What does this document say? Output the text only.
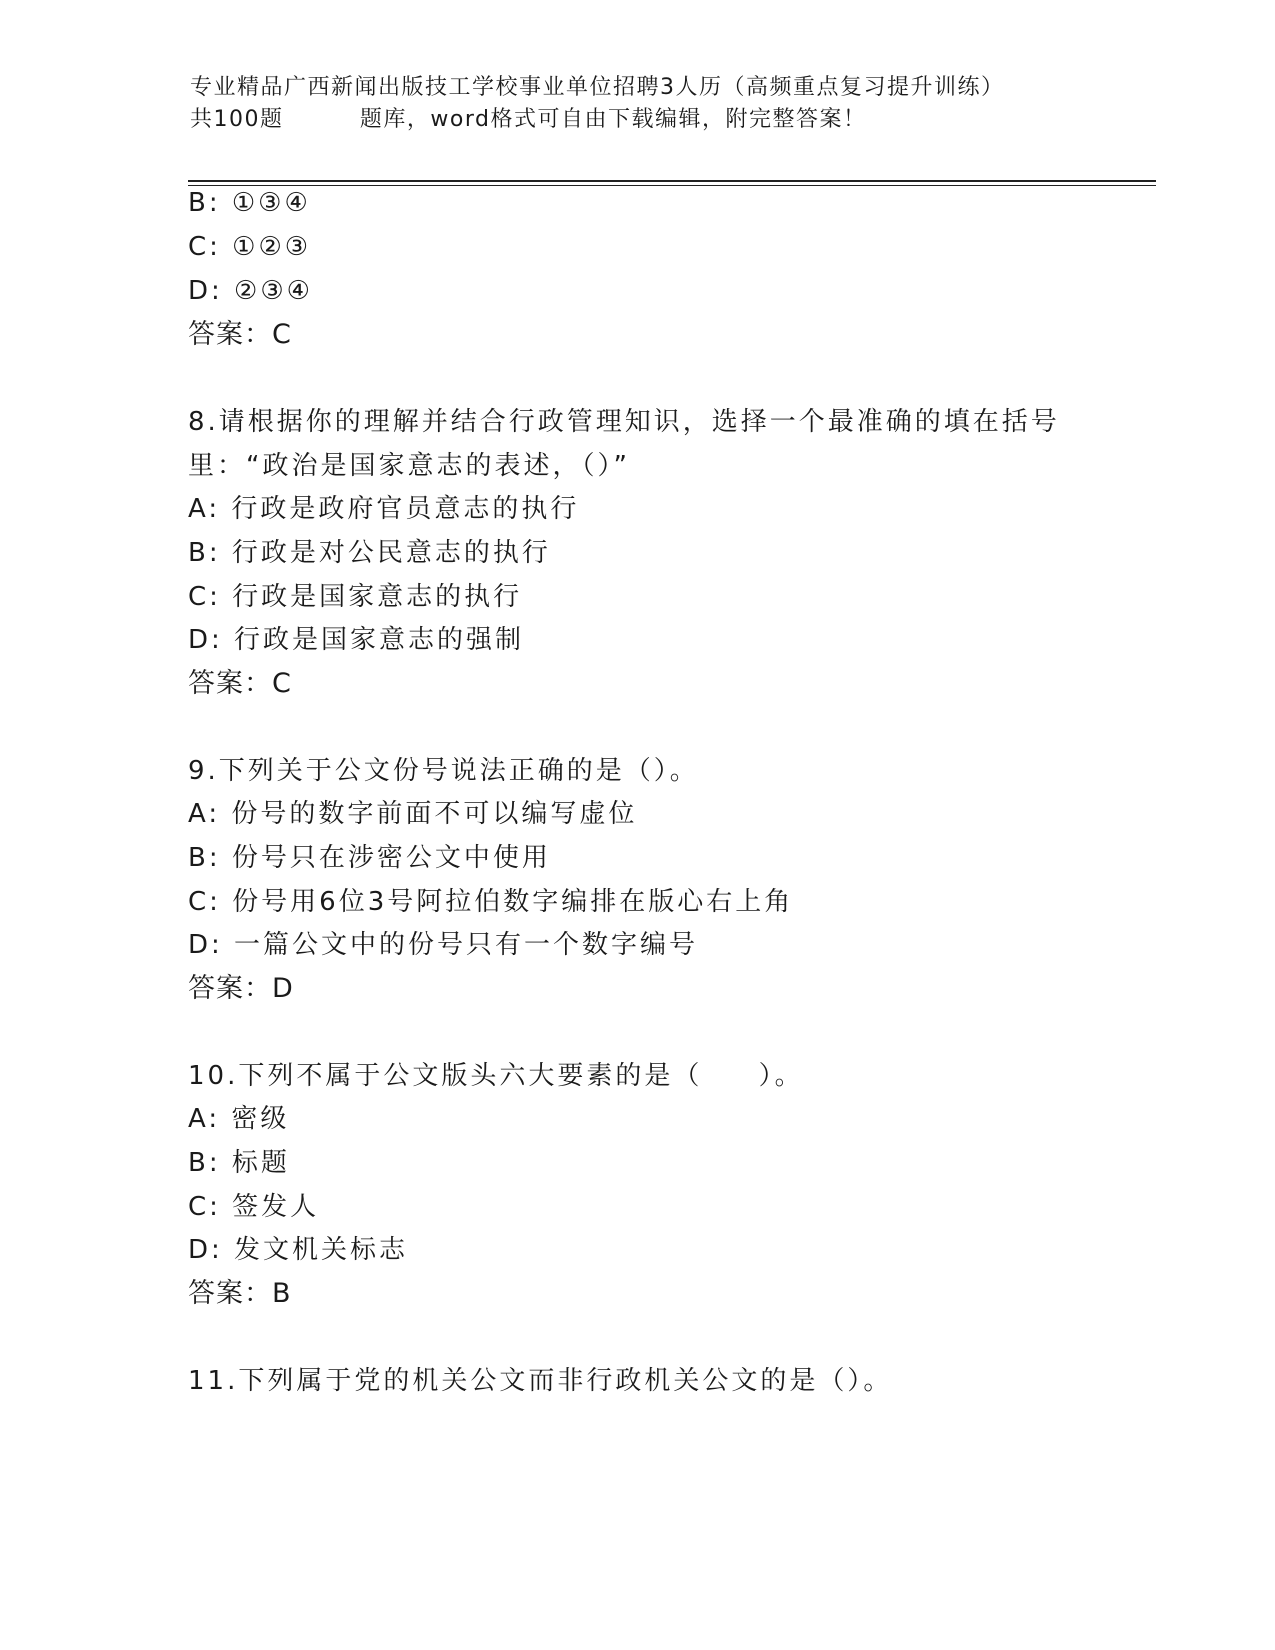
专业精品广西新闻出版技工学校事业单位招聘3人历（高频重点复习提升训练）
共100题         题库，word格式可自由下载编辑，附完整答案！
B: ①③④
C: ①②③
D: ②③④
答案：C
8.请根据你的理解并结合行政管理知识，选择一个最准确的填在括号
里：“政治是国家意志的表述，（）”
A: 行政是政府官员意志的执行
B: 行政是对公民意志的执行
C: 行政是国家意志的执行
D: 行政是国家意志的强制
答案：C
9.下列关于公文份号说法正确的是（）。
A: 份号的数字前面不可以编写虚位
B: 份号只在涉密公文中使用
C: 份号用6位3号阿拉伯数字编排在版心右上角
D: 一篇公文中的份号只有一个数字编号
答案：D
10.下列不属于公文版头六大要素的是（     ）。
A: 密级
B: 标题
C: 签发人
D: 发文机关标志
答案：B
11.下列属于党的机关公文而非行政机关公文的是（）。
